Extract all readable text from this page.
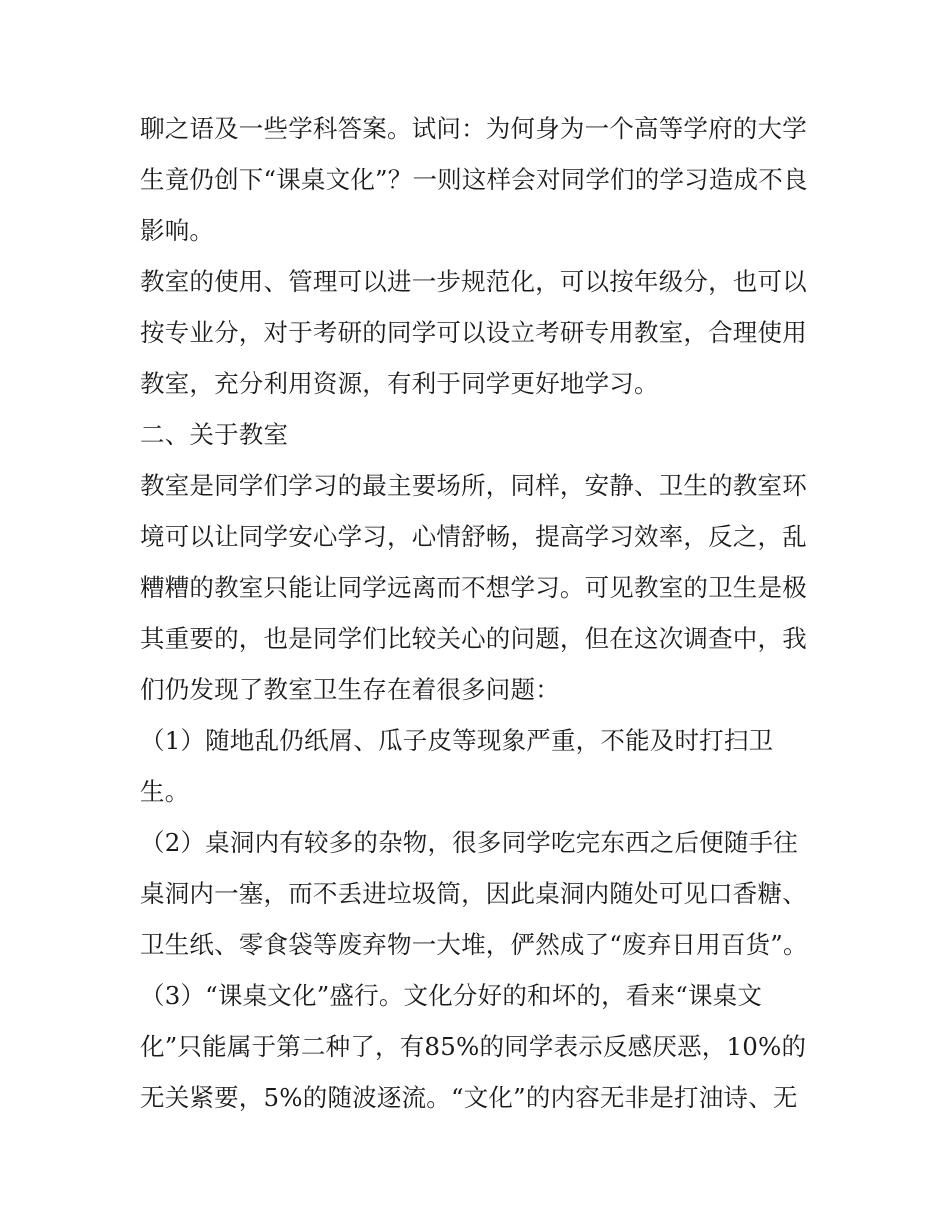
聊之语及一些学科答案。试问：为何身为一个高等学府的大学
生竟仍创下“课桌文化”？一则这样会对同学们的学习造成不良
影响。
教室的使用、管理可以进一步规范化，可以按年级分，也可以
按专业分，对于考研的同学可以设立考研专用教室，合理使用
教室，充分利用资源，有利于同学更好地学习。
二、关于教室
教室是同学们学习的最主要场所，同样，安静、卫生的教室环
境可以让同学安心学习，心情舒畅，提高学习效率，反之，乱
糟糟的教室只能让同学远离而不想学习。可见教室的卫生是极
其重要的，也是同学们比较关心的问题，但在这次调查中，我
们仍发现了教室卫生存在着很多问题：
（1）随地乱仍纸屑、瓜子皮等现象严重，不能及时打扫卫
生。
（2）桌洞内有较多的杂物，很多同学吃完东西之后便随手往
桌洞内一塞，而不丢进垃圾筒，因此桌洞内随处可见口香糖、
卫生纸、零食袋等废弃物一大堆，俨然成了“废弃日用百货”。
（3）“课桌文化”盛行。文化分好的和坏的，看来“课桌文
化”只能属于第二种了，有85%的同学表示反感厌恶，10%的
无关紧要，5%的随波逐流。“文化”的内容无非是打油诗、无
